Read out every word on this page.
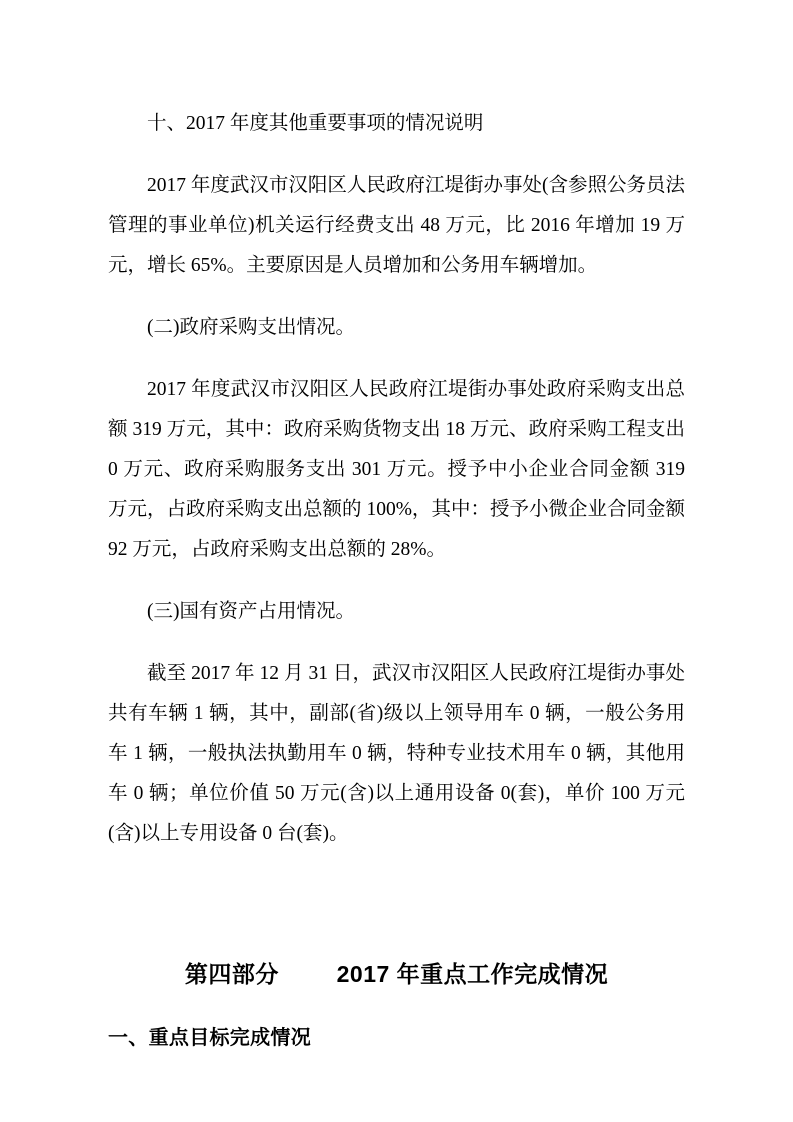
十、2017 年度其他重要事项的情况说明

2017 年度武汉市汉阳区人民政府江堤街办事处(含参照公务员法管理的事业单位)机关运行经费支出 48 万元，比 2016 年增加 19 万元，增长 65%。主要原因是人员增加和公务用车辆增加。

(二)政府采购支出情况。

2017 年度武汉市汉阳区人民政府江堤街办事处政府采购支出总额 319 万元，其中：政府采购货物支出 18 万元、政府采购工程支出 0 万元、政府采购服务支出 301 万元。授予中小企业合同金额 319 万元，占政府采购支出总额的 100%，其中：授予小微企业合同金额 92 万元，占政府采购支出总额的 28%。

(三)国有资产占用情况。

截至 2017 年 12 月 31 日，武汉市汉阳区人民政府江堤街办事处共有车辆 1 辆，其中，副部(省)级以上领导用车 0 辆，一般公务用车 1 辆，一般执法执勤用车 0 辆，特种专业技术用车 0 辆，其他用车 0 辆；单位价值 50 万元(含)以上通用设备 0(套)，单价 100 万元(含)以上专用设备 0 台(套)。

第四部分	2017 年重点工作完成情况

一、重点目标完成情况
